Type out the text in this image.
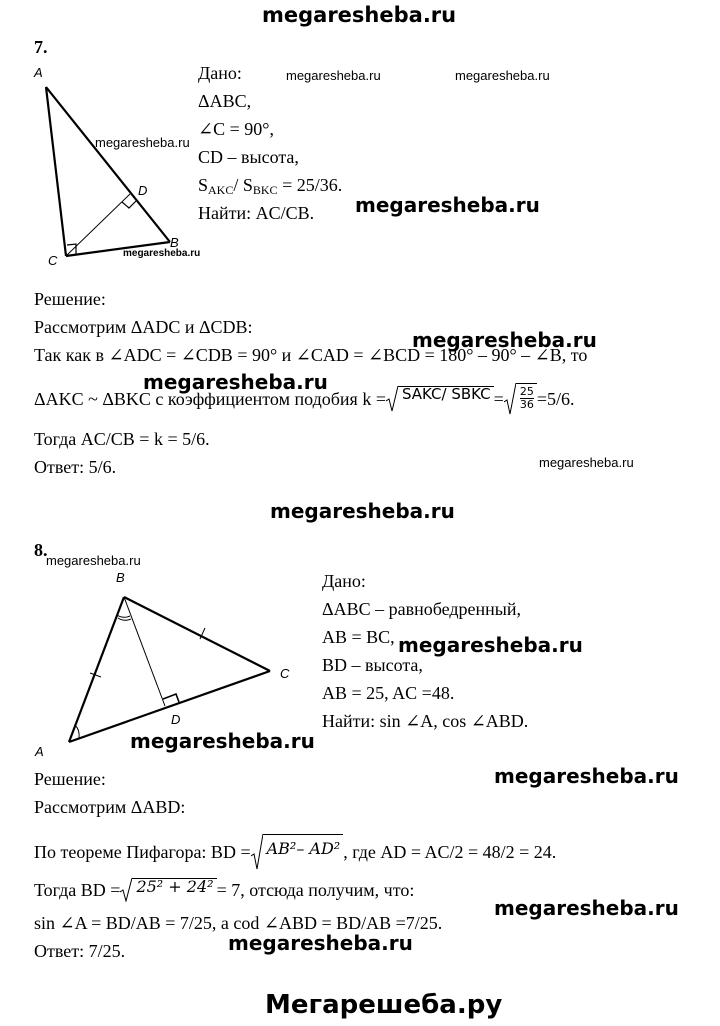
megaresheba.ru
7.
A
D
B
C
Дано:
ΔABC,
∠C = 90°,
CD – высота,
$S_{AKC}/$ $S_{BKC} = 25/36$.
Найти: AC/CB.
Решение:
Рассмотрим ΔADC и ΔCDB:
Так как в ∠ADC = ∠CDB = 90° и ∠CAD = ∠BCD = 180° – 90° – ∠B, то
ΔAKC ~ ΔBKC с коэффициентом подобия k = SAKC/ SBKC = $\frac{25}{36} =5/6$.
Тогда AC/CB = k = 5/6.
Ответ: 5/6.
8.
B
C
D
A
Дано:
ΔABC – равнобедренный,
AB = BC,
BD – высота,
AB = 25, AC =48.
Найти: sin ∠A, cos ∠ABD.
Решение:
Рассмотрим ΔABD:
По теореме Пифагора: BD = AB²– AD² , где AD = AC/2 = 48/2 = 24.
Тогда BD = 25² + 24² = 7, отсюда получим, что:
sin ∠A = BD/AB = 7/25, а cod ∠ABD = BD/AB =7/25.
Ответ: 7/25.
megaresheba.ru	megaresheba.ru
megaresheba.ru
megaresheba.ru
megaresheba.ru
megaresheba.ru
megaresheba.ru
megaresheba.ru
megaresheba.ru
megaresheba.ru
megaresheba.ru
megaresheba.ru
megaresheba.ru
megaresheba.ru
megaresheba.ru
Мегарешеба.ру
